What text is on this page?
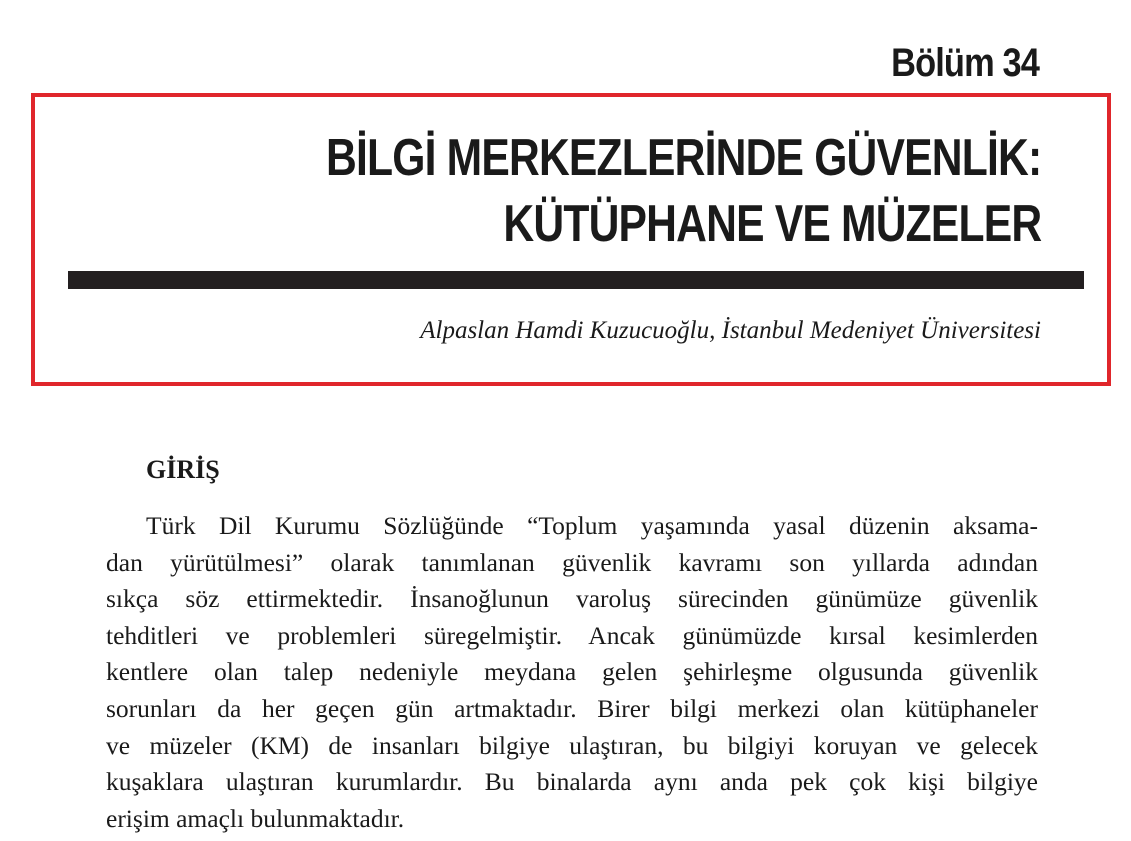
Bölüm 34
BİLGİ MERKEZLERİNDE GÜVENLİK:
KÜTÜPHANE VE MÜZELER
Alpaslan Hamdi Kuzucuoğlu, İstanbul Medeniyet Üniversitesi
GİRİŞ
Türk Dil Kurumu Sözlüğünde “Toplum yaşamında yasal düzenin aksama-
dan yürütülmesi” olarak tanımlanan güvenlik kavramı son yıllarda adından
sıkça söz ettirmektedir. İnsanoğlunun varoluş sürecinden günümüze güvenlik
tehditleri ve problemleri süregelmiştir. Ancak günümüzde kırsal kesimlerden
kentlere olan talep nedeniyle meydana gelen şehirleşme olgusunda güvenlik
sorunları da her geçen gün artmaktadır. Birer bilgi merkezi olan kütüphaneler
ve müzeler (KM) de insanları bilgiye ulaştıran, bu bilgiyi koruyan ve gelecek
kuşaklara ulaştıran kurumlardır. Bu binalarda aynı anda pek çok kişi bilgiye
erişim amaçlı bulunmaktadır.
